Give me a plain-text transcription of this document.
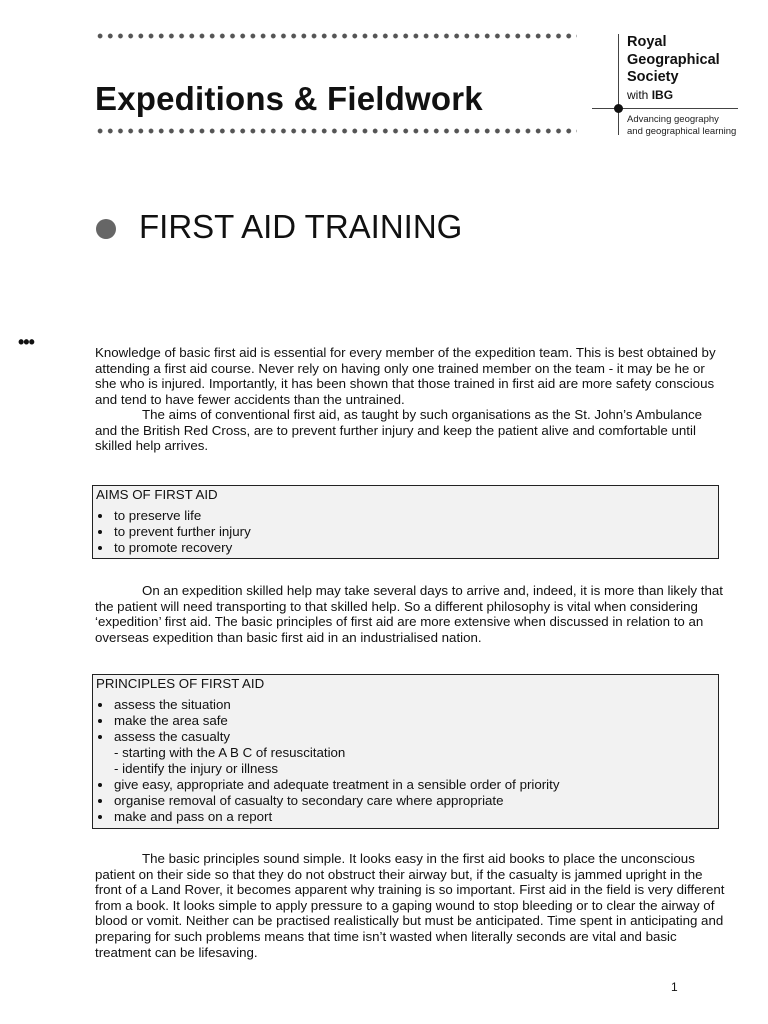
Expeditions & Fieldwork
Royal
Geographical
Society
with IBG
Advancing geography
and geographical learning
FIRST AID TRAINING
•••

Knowledge of basic first aid is essential for every member of the expedition team. This is best obtained by attending a first aid course. Never rely on having only one trained member on the team - it may be he or she who is injured. Importantly, it has been shown that those trained in first aid are more safety conscious and tend to have fewer accidents than the untrained.

The aims of conventional first aid, as taught by such organisations as the St. John’s Ambulance and the British Red Cross, are to prevent further injury and keep the patient alive and comfortable until skilled help arrives.

AIMS OF FIRST AID
to preserve life
to prevent further injury
to promote recovery

On an expedition skilled help may take several days to arrive and, indeed, it is more than likely that the patient will need transporting to that skilled help. So a different philosophy is vital when considering ‘expedition’ first aid. The basic principles of first aid are more extensive when discussed in relation to an overseas expedition than basic first aid in an industrialised nation.

PRINCIPLES OF FIRST AID
assess the situation
make the area safe
assess the casualty
- starting with the A B C of resuscitation
- identify the injury or illness
give easy, appropriate and adequate treatment in a sensible order of priority
organise removal of casualty to secondary care where appropriate
make and pass on a report

The basic principles sound simple. It looks easy in the first aid books to place the unconscious patient on their side so that they do not obstruct their airway but, if the casualty is jammed upright in the front of a Land Rover, it becomes apparent why training is so important. First aid in the field is very different from a book. It looks simple to apply pressure to a gaping wound to stop bleeding or to clear the airway of blood or vomit. Neither can be practised realistically but must be anticipated. Time spent in anticipating and preparing for such problems means that time isn’t wasted when literally seconds are vital and basic treatment can be lifesaving.

1
